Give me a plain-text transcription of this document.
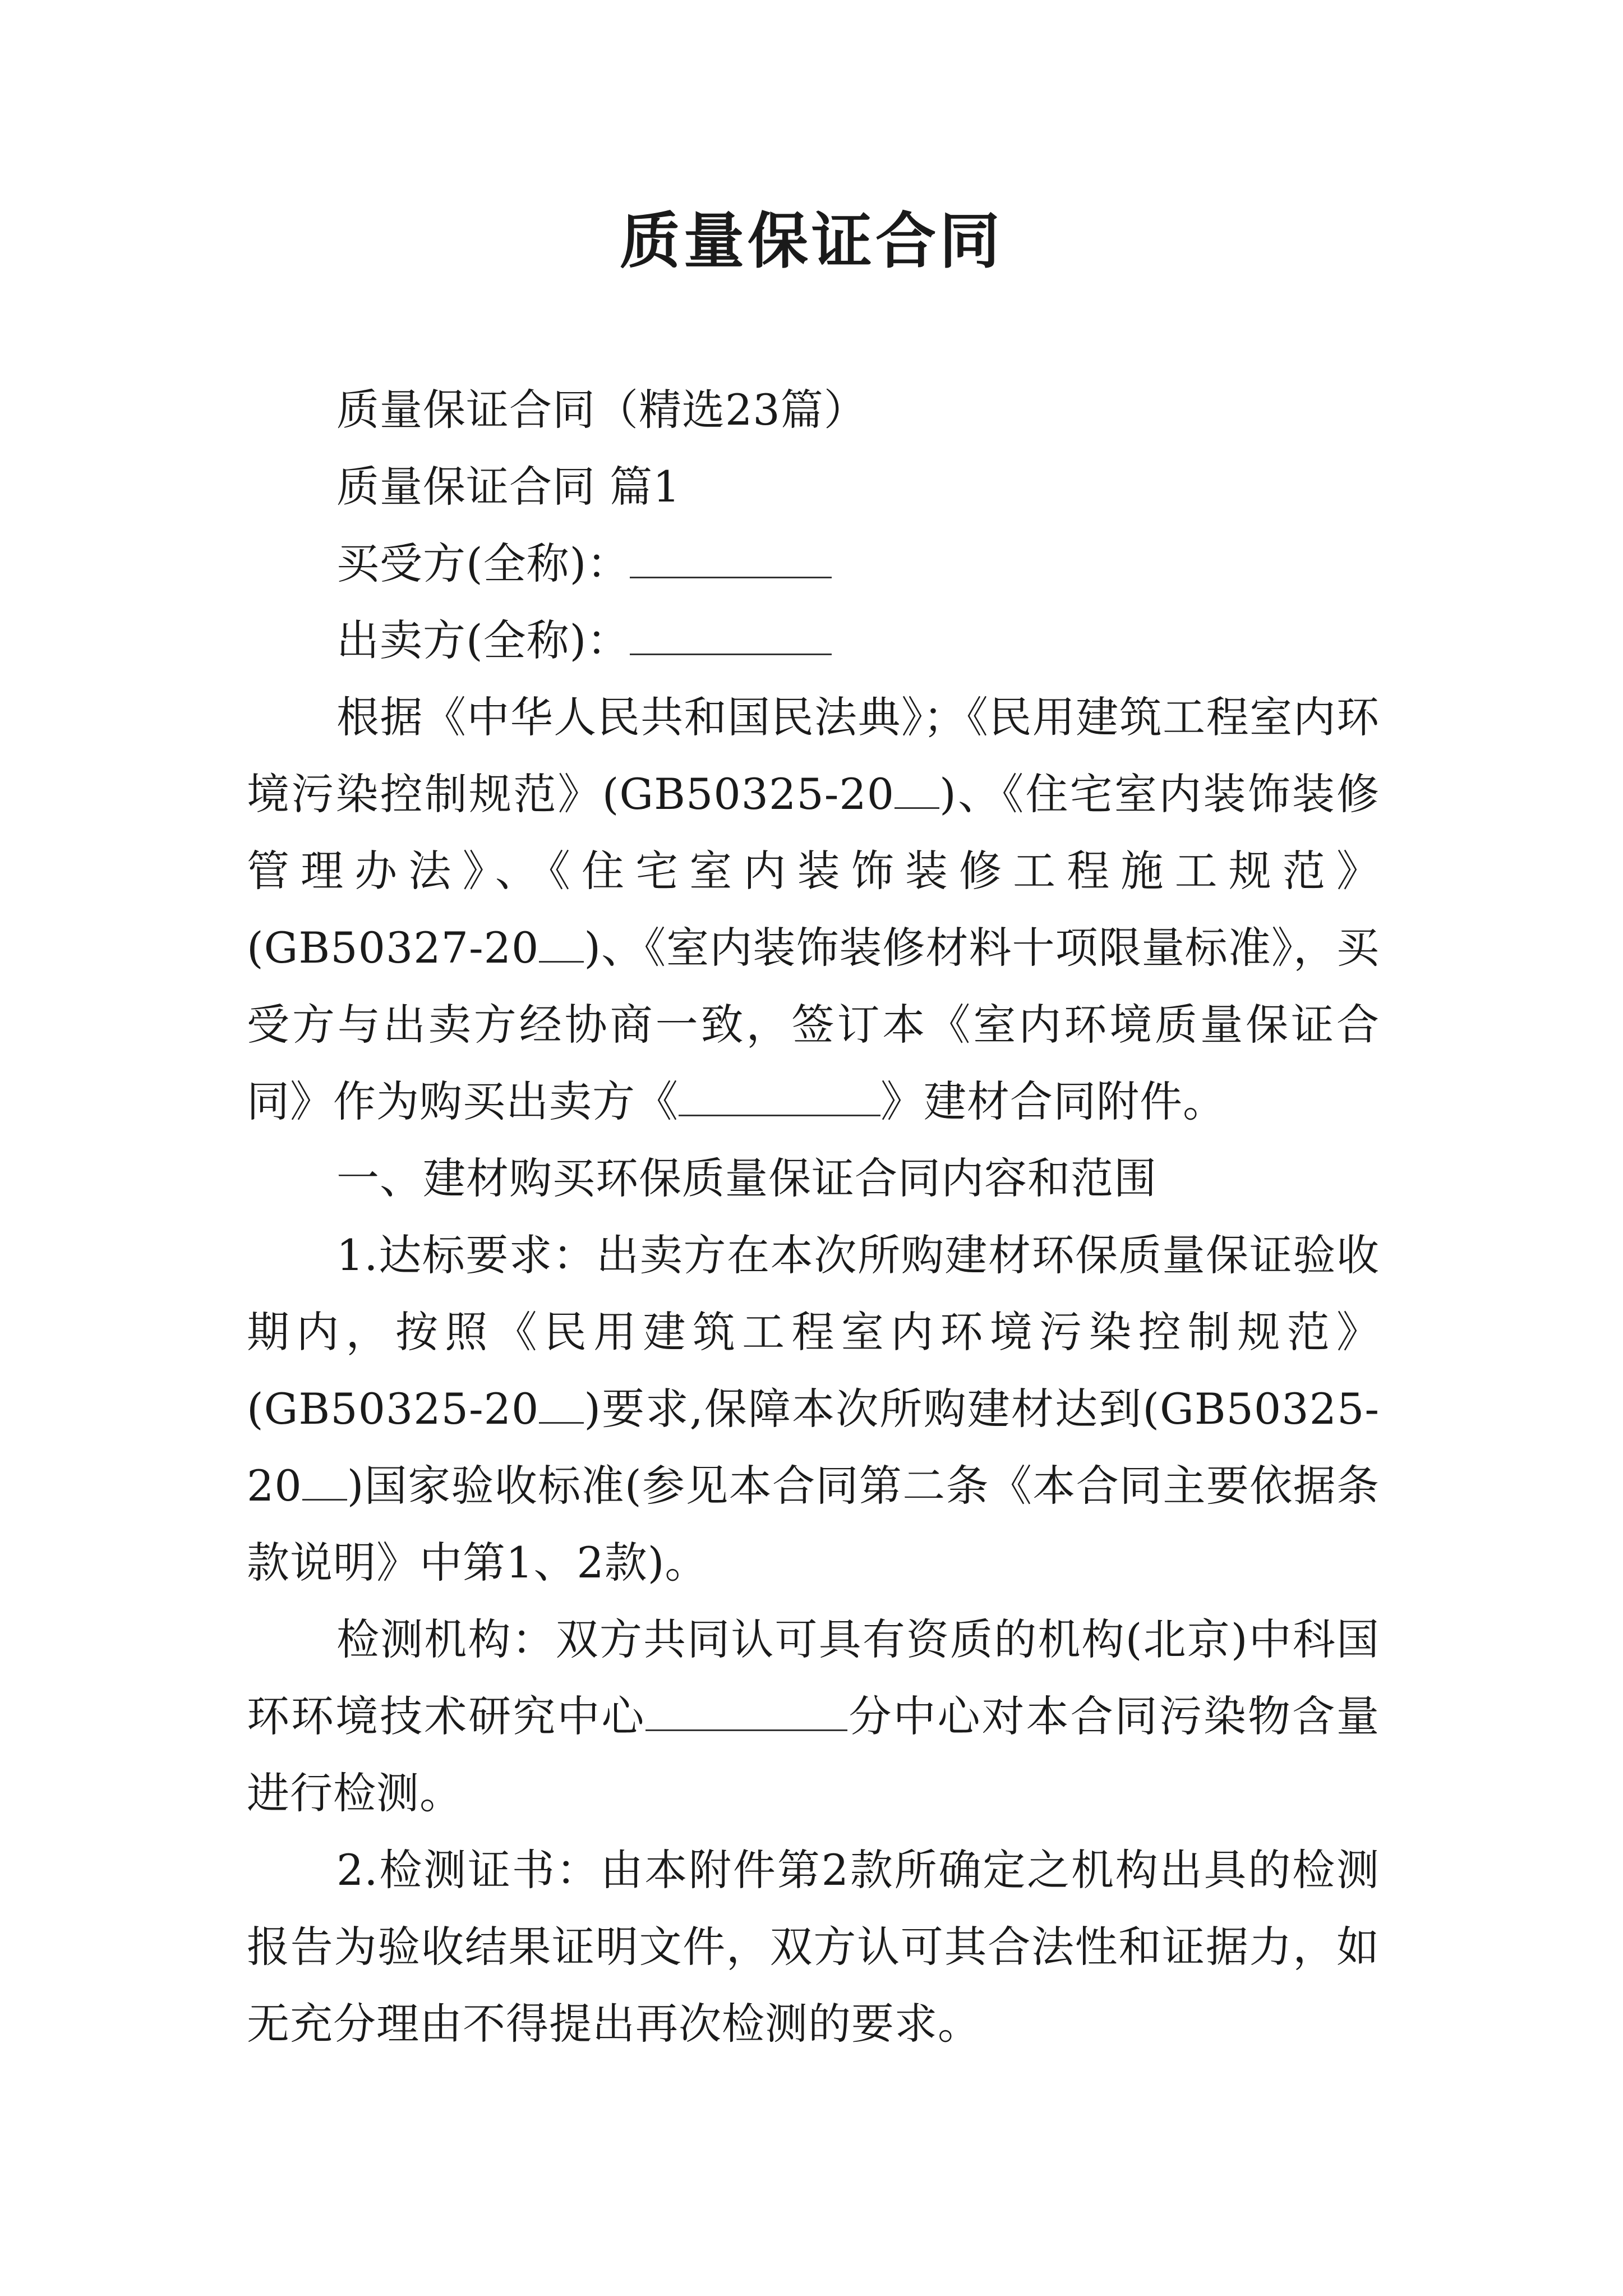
质量保证合同

质量保证合同（精选23篇）

质量保证合同 篇1

买受方(全称)：

出卖方(全称)：

根据《中华人民共和国民法典》；《民用建筑工程室内环境污染控制规范》(GB50325-20 )、《住宅室内装饰装修管理办法》、《住宅室内装饰装修工程施工规范》(GB50327-20 )、《室内装饰装修材料十项限量标准》，买受方与出卖方经协商一致，签订本《室内环境质量保证合同》作为购买出卖方《	》建材合同附件。

一、建材购买环保质量保证合同内容和范围

1.达标要求：出卖方在本次所购建材环保质量保证验收期内，按照《民用建筑工程室内环境污染控制规范》(GB50325-20 )要求,保障本次所购建材达到(GB50325-20 )国家验收标准(参见本合同第二条《本合同主要依据条款说明》中第1、2款)。

检测机构：双方共同认可具有资质的机构(北京)中科国环环境技术研究中心	分中心对本合同污染物含量进行检测。

2.检测证书：由本附件第2款所确定之机构出具的检测报告为验收结果证明文件，双方认可其合法性和证据力，如无充分理由不得提出再次检测的要求。
